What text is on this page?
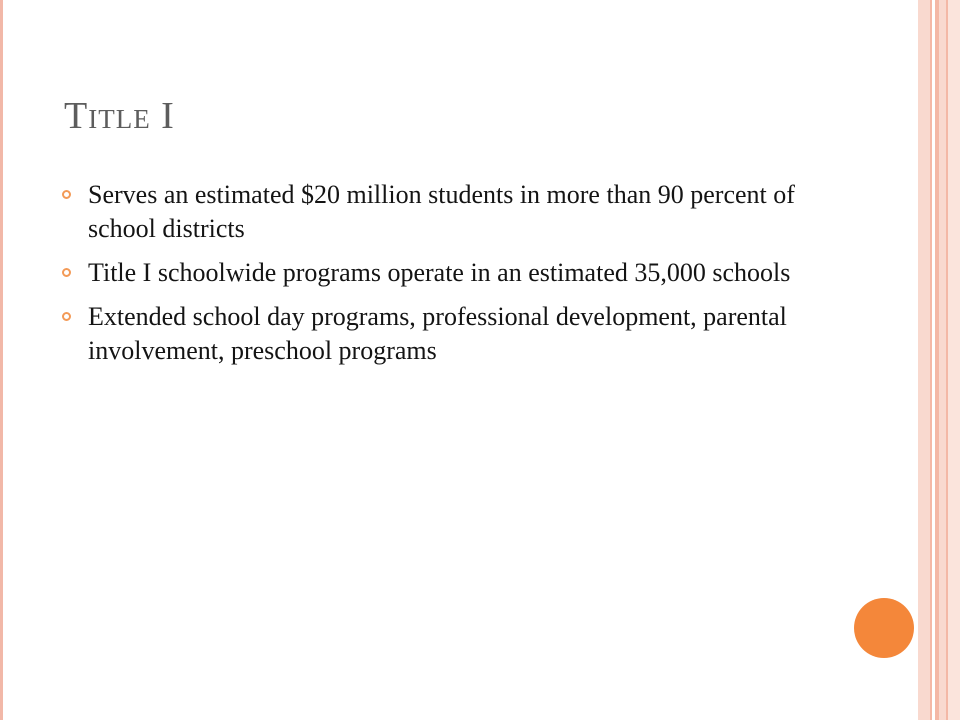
Title I
Serves an estimated $20 million students in more than 90 percent of school districts
Title I schoolwide programs operate in an estimated 35,000 schools
Extended school day programs, professional development, parental involvement, preschool programs
